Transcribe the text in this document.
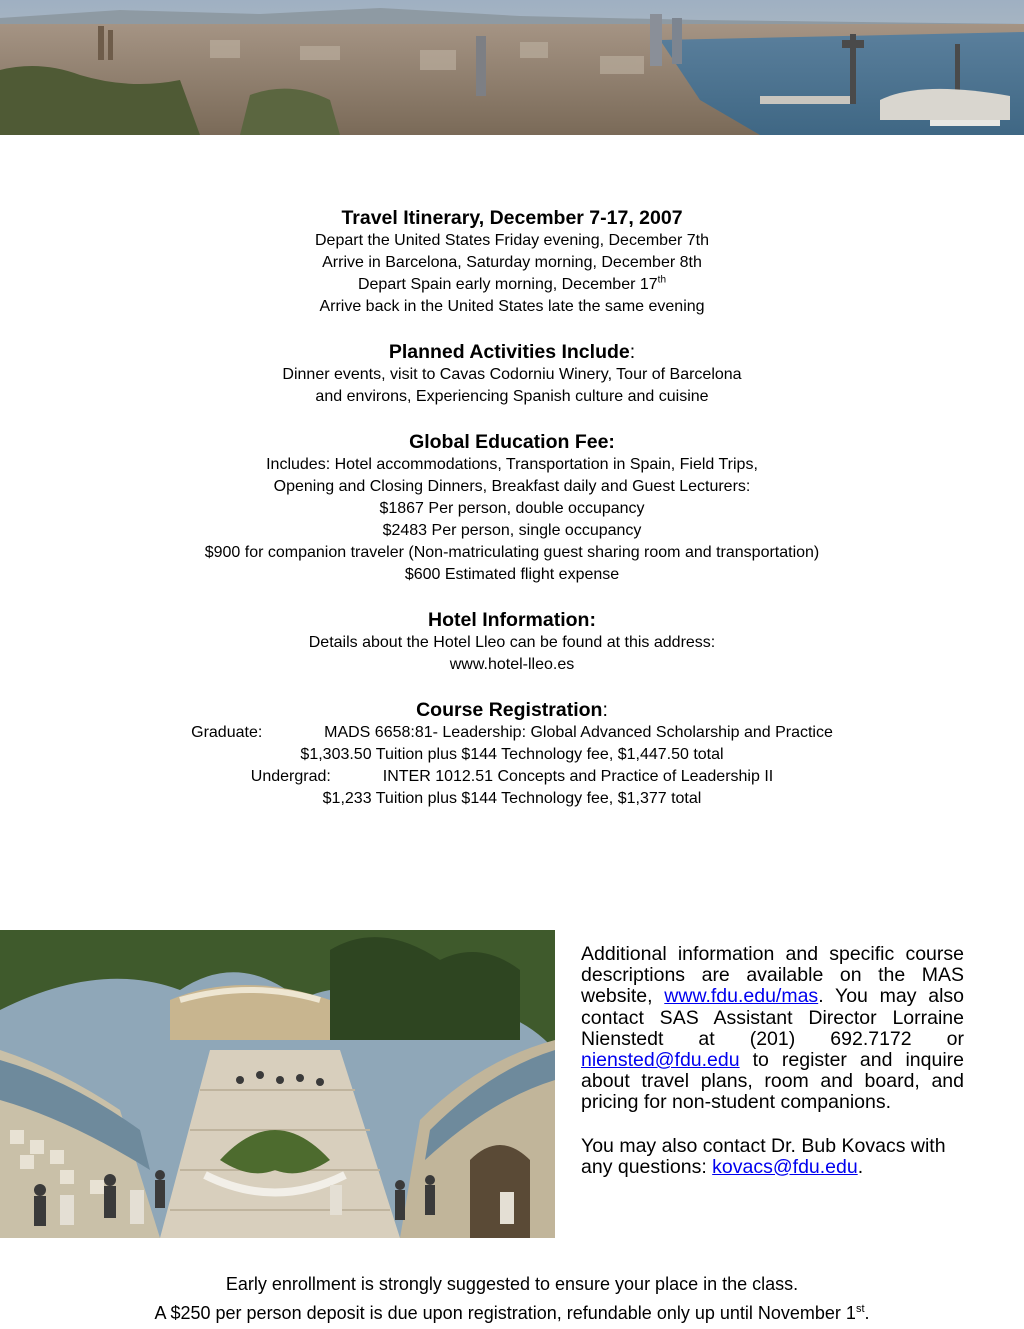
Travel Itinerary, December 7-17, 2007
Depart the United States Friday evening, December 7th
Arrive in Barcelona, Saturday morning, December 8th
Depart Spain early morning, December 17th
Arrive back in the United States late the same evening
Planned Activities Include:
Dinner events, visit to Cavas Codorniu Winery, Tour of Barcelona
and environs, Experiencing Spanish culture and cuisine
Global Education Fee:
Includes: Hotel accommodations, Transportation in Spain, Field Trips,
Opening and Closing Dinners, Breakfast daily and Guest Lecturers:
$1867 Per person, double occupancy
$2483 Per person, single occupancy
$900 for companion traveler (Non-matriculating guest sharing room and transportation)
$600 Estimated flight expense
Hotel Information:
Details about the Hotel Lleo can be found at this address:
www.hotel-lleo.es
Course Registration:
Graduate:	MADS 6658:81- Leadership: Global Advanced Scholarship and Practice
$1,303.50 Tuition plus $144 Technology fee, $1,447.50 total
Undergrad:	INTER 1012.51 Concepts and Practice of Leadership II
$1,233 Tuition plus $144 Technology fee, $1,377 total

Additional information and specific course descriptions are available on the MAS website, www.fdu.edu/mas. You may also contact SAS Assistant Director Lorraine Nienstedt at (201) 692.7172 or niensted@fdu.edu to register and inquire about travel plans, room and board, and pricing for non-student companions.

You may also contact Dr. Bub Kovacs with any questions: kovacs@fdu.edu.

Early enrollment is strongly suggested to ensure your place in the class.
A $250 per person deposit is due upon registration, refundable only up until November 1st.
